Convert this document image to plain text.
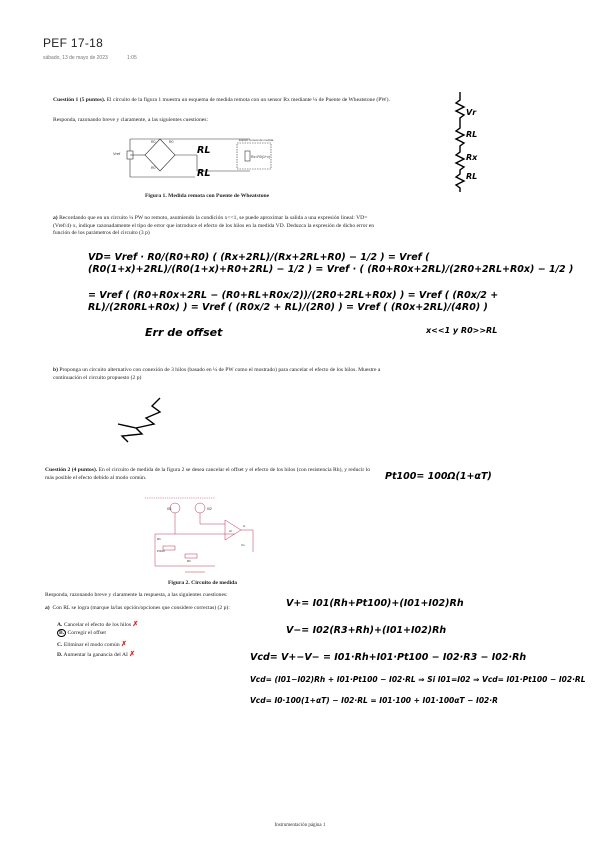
PEF 17-18
sábado, 13 de mayo de 2023	1:05
Cuestión 1 (5 puntos). El circuito de la figura 1 muestra un esquema de medida remota con un sensor Rx mediante ¼ de Puente de Wheatstone (PW).
Responda, razonando breve y claramente, a las siguientes cuestiones:
Vref
R0	R0
R0
Equipo remoto de medida
Rx=R0(1+x)
RL
RL
Figura 1. Medida remota con Puente de Wheatstone
Vr
RL
Rx
RL
a) Recordando que en un circuito ¼ PW no remoto, asumiendo la condición x<<1, se puede aproximar la salida a una expresión lineal: VD=(Vref/4)·x, indique razonadamente el tipo de error que introduce el efecto de los hilos en la medida VD. Deduzca la expresión de dicho error en función de los parámetros del circuito (3 p)
VD= Vref · R0/(R0+R0) ( (Rx+2RL)/(Rx+2RL+R0) − 1/2 ) = Vref ( (R0(1+x)+2RL)/(R0(1+x)+R0+2RL) − 1/2 ) = Vref · ( (R0+R0x+2RL)/(2R0+2RL+R0x) − 1/2 )
= Vref ( (R0+R0x+2RL − (R0+RL+R0x/2))/(2R0+2RL+R0x) ) = Vref ( (R0x/2 + RL)/(2R0RL+R0x) ) = Vref ( (R0x/2 + RL)/(2R0) ) = Vref ( (R0x+2RL)/(4R0) )
Err de offset	x<<1 y R0>>RL
b) Proponga un circuito alternativo con conexión de 3 hilos (basado en ¼ de PW como el mostrado) para cancelar el efecto de los hilos. Muestre a continuación el circuito propuesto (2 p)
Cuestión 2 (4 puntos). En el circuito de medida de la figura 2 se desea cancelar el offset y el efecto de los hilos (con resistencia Rh), y reducir lo más posible el efecto debido al modo común.	Pt100= 100Ω(1+αT)
I01	I02
Rh
Pt100
Rh
AI
G
Vo
Figura 2. Circuito de medida
Responda, razonando breve y claramente la respuesta, a las siguientes cuestiones:
a) Con RL se logra (marque la/las opción/opciones que considere correctas) (2 p):
A. Cancelar el efecto de los hilos ✗
B. Corregir el offset
C. Eliminar el modo común ✗
D. Aumentar la ganancia del AI ✗
V+= I01(Rh+Pt100)+(I01+I02)Rh
V−= I02(R3+Rh)+(I01+I02)Rh
Vcd= V+−V− = I01·Rh+I01·Pt100 − I02·R3 − I02·Rh
Vcd= (I01−I02)Rh + I01·Pt100 − I02·RL ⇒ Si I01=I02 ⇒ Vcd= I01·Pt100 − I02·RL
Vcd= I0·100(1+αT) − I02·RL = I01·100 + I01·100αT − I02·R
Instrumentación página 1
